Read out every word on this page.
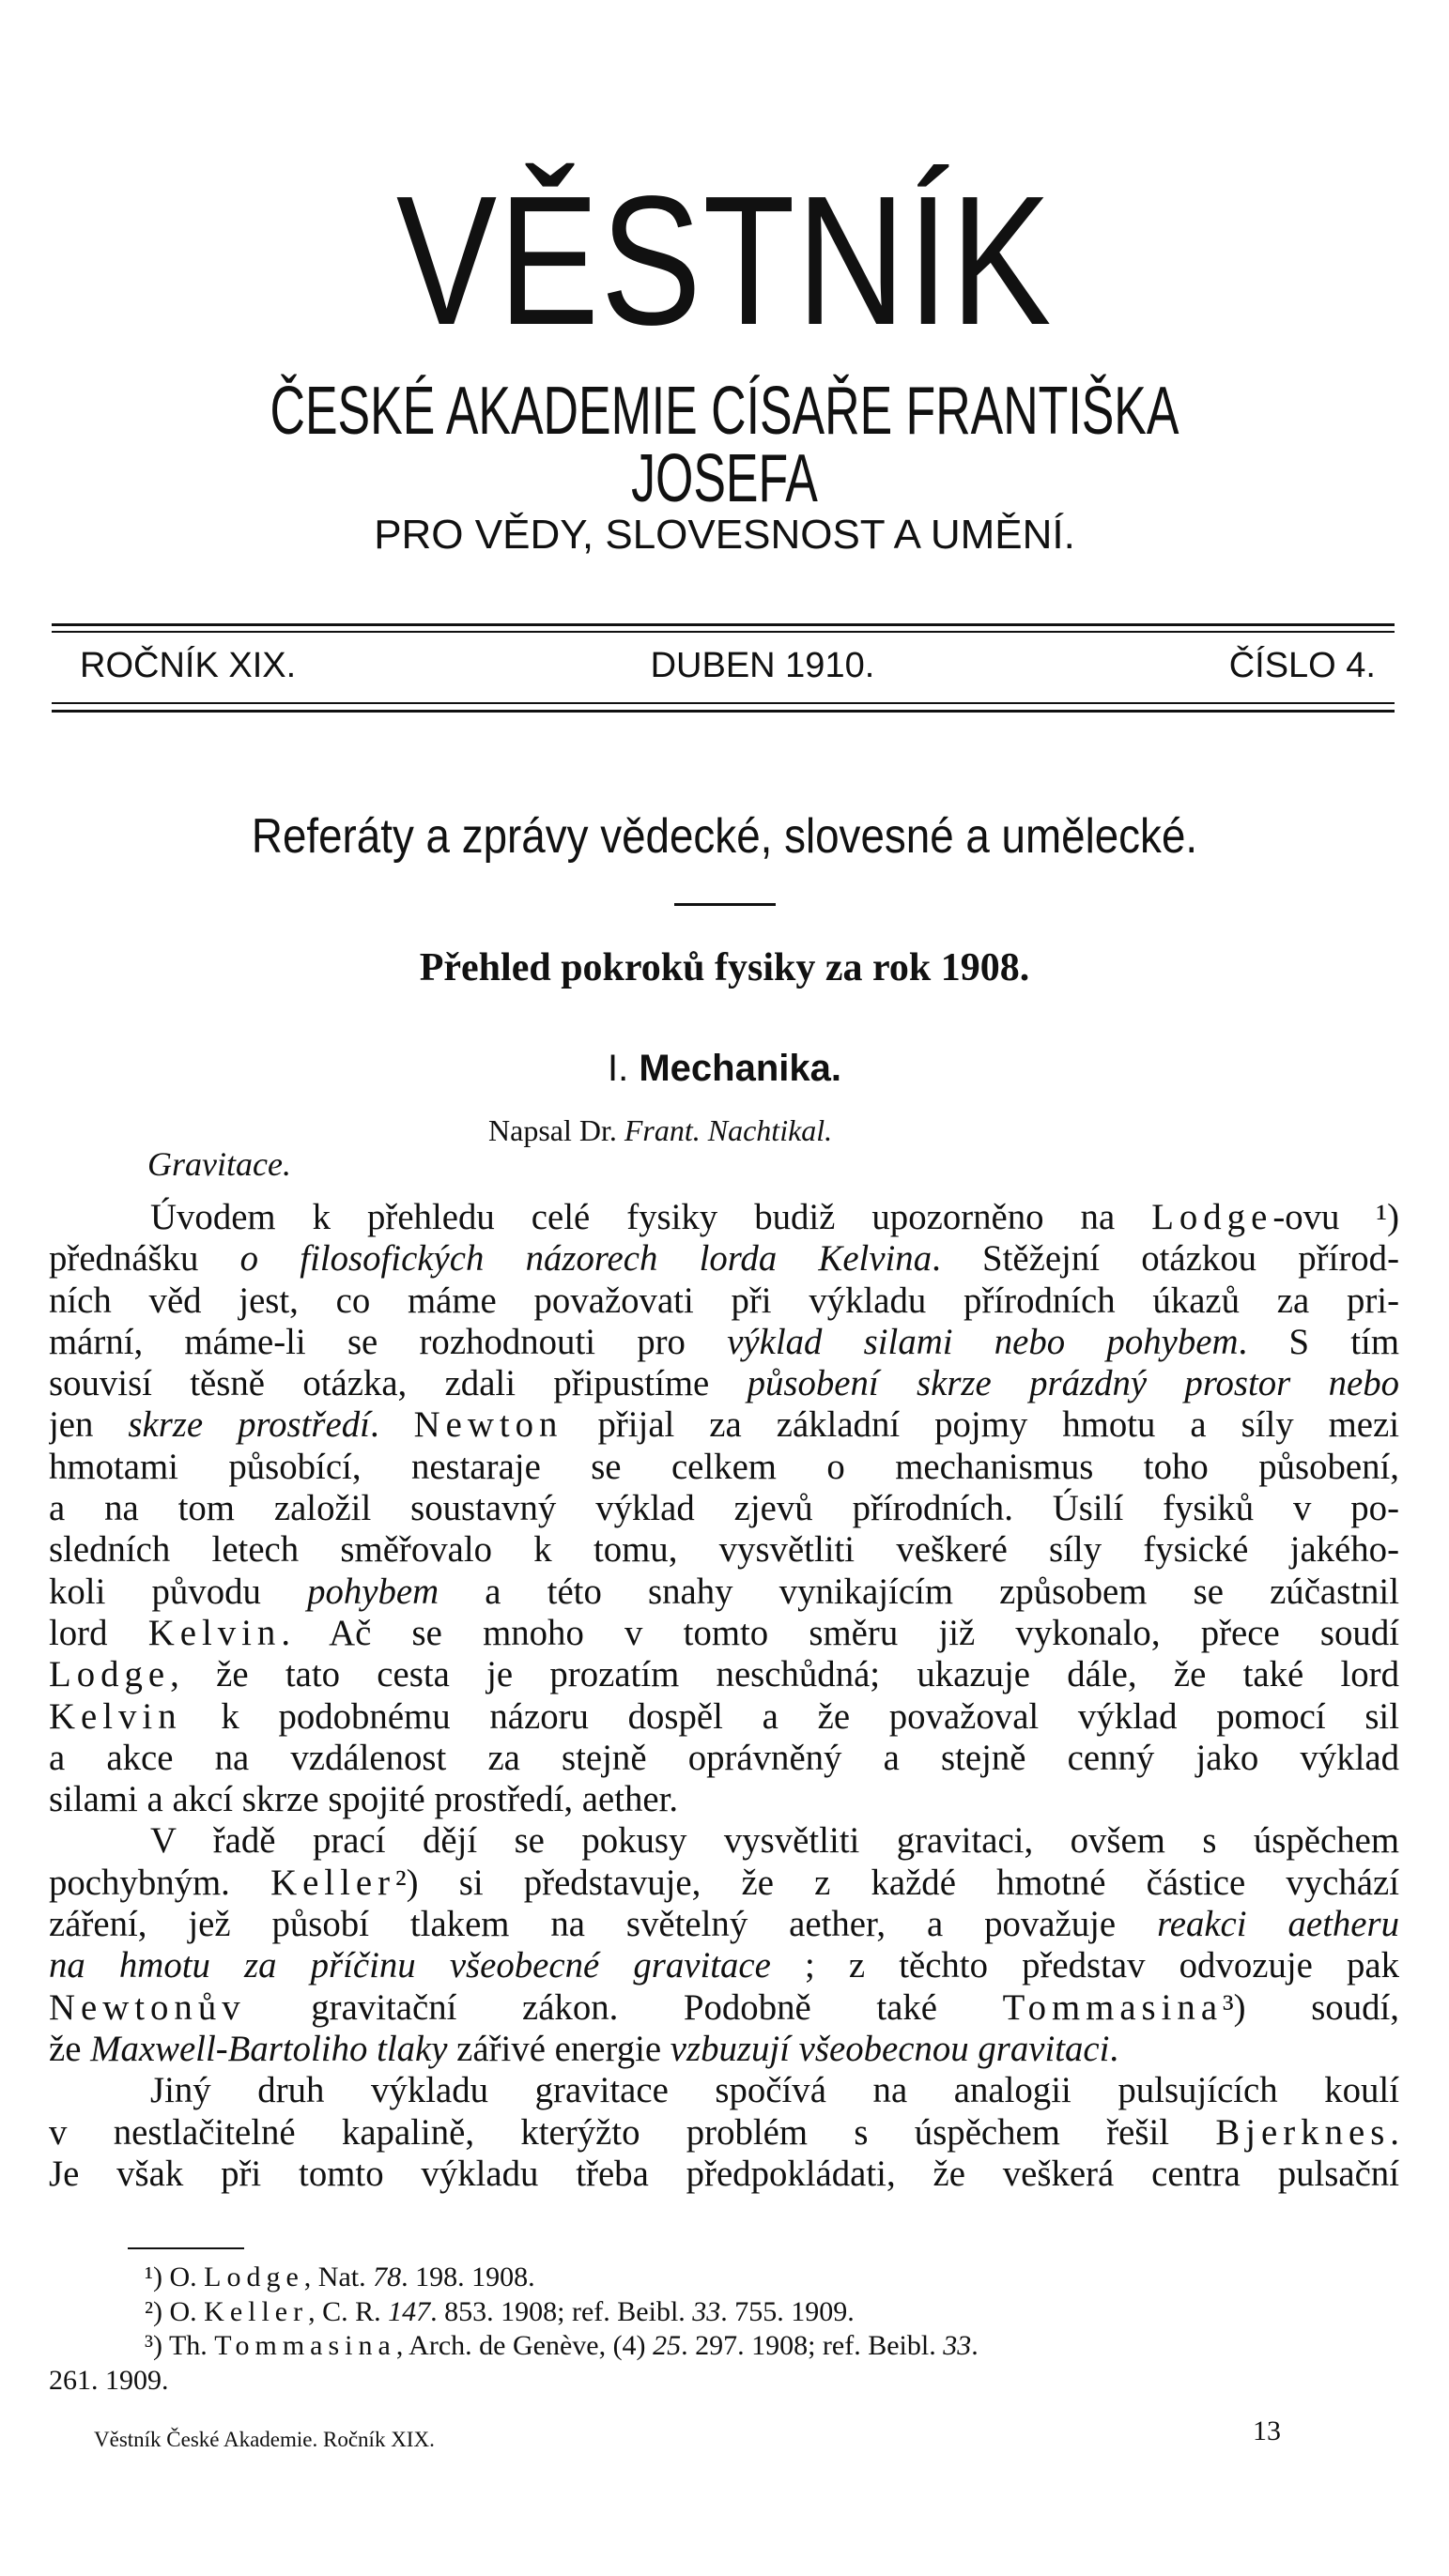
VĚSTNÍK
ČESKÉ AKADEMIE CÍSAŘE FRANTIŠKA JOSEFA
PRO VĚDY, SLOVESNOST A UMĚNÍ.
ROČNÍK XIX.	DUBEN 1910.	ČÍSLO 4.
Referáty a zprávy vědecké, slovesné a umělecké.
Přehled pokroků fysiky za rok 1908.
I. Mechanika.
Napsal Dr. Frant. Nachtikal.
Gravitace.
Úvodem k přehledu celé fysiky budiž upozorněno na Lodge-ovu ¹)
přednášku o filosofických názorech lorda Kelvina. Stěžejní otázkou přírod-
ních věd jest, co máme považovati při výkladu přírodních úkazů za pri-
mární, máme-li se rozhodnouti pro výklad silami nebo pohybem. S tím
souvisí těsně otázka, zdali připustíme působení skrze prázdný prostor nebo
jen skrze prostředí. Newton přijal za základní pojmy hmotu a síly mezi
hmotami působící, nestaraje se celkem o mechanismus toho působení,
a na tom založil soustavný výklad zjevů přírodních. Úsilí fysiků v po-
sledních letech směřovalo k tomu, vysvětliti veškeré síly fysické jakého-
koli původu pohybem a této snahy vynikajícím způsobem se zúčastnil
lord Kelvin. Ač se mnoho v tomto směru již vykonalo, přece soudí
Lodge, že tato cesta je prozatím neschůdná; ukazuje dále, že také lord
Kelvin k podobnému názoru dospěl a že považoval výklad pomocí sil
a akce na vzdálenost za stejně oprávněný a stejně cenný jako výklad
silami a akcí skrze spojité prostředí, aether.
V řadě prací dějí se pokusy vysvětliti gravitaci, ovšem s úspěchem
pochybným. Keller²) si představuje, že z každé hmotné částice vychází
záření, jež působí tlakem na světelný aether, a považuje reakci aetheru
na hmotu za příčinu všeobecné gravitace ; z těchto představ odvozuje pak
Newtonův gravitační zákon. Podobně také Tommasina³) soudí,
že Maxwell-Bartoliho tlaky zářivé energie vzbuzují všeobecnou gravitaci.
Jiný druh výkladu gravitace spočívá na analogii pulsujících koulí
v nestlačitelné kapalině, kterýžto problém s úspěchem řešil Bjerknes.
Je však při tomto výkladu třeba předpokládati, že veškerá centra pulsační
¹) O. Lodge, Nat. 78. 198. 1908.
²) O. Keller, C. R. 147. 853. 1908; ref. Beibl. 33. 755. 1909.
³) Th. Tommasina, Arch. de Genève, (4) 25. 297. 1908; ref. Beibl. 33.
261. 1909.
Věstník České Akademie. Ročník XIX.	13
